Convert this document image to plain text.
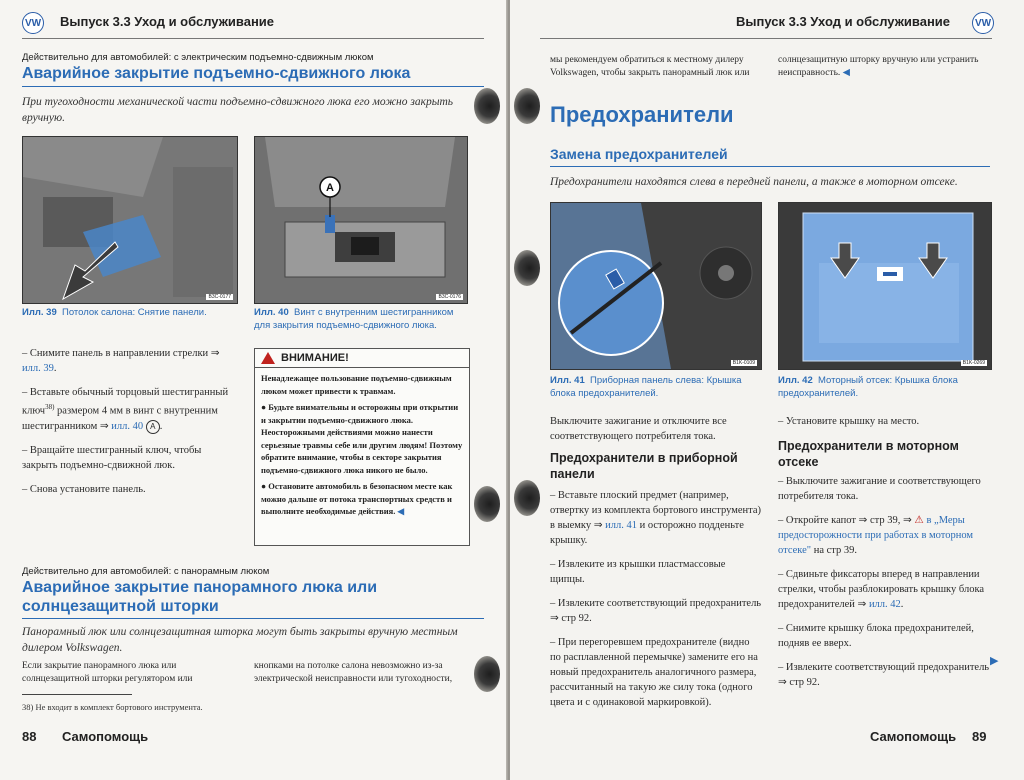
VW Выпуск 3.3 Уход и обслуживание
Действительно для автомобилей: с электрическим подъемно-сдвижным люком
Аварийное закрытие подъемно-сдвижного люка
При тугоходности механической части подъемно-сдвижного люка его можно закрыть вручную.
B3C-0177
Илл. 39 Потолок салона: Снятие панели.
A
B3C-0176
Илл. 40 Винт с внутренним шестигранником для закрытия подъемно-сдвижного люка.

– Снимите панель в направлении стрелки ⇒ илл. 39.

– Вставьте обычный торцовый шестигранный ключ$^{38)}$ размером 4 мм в винт с внутренним шестигранником ⇒ илл. 40 A .

– Вращайте шестигранный ключ, чтобы закрыть подъемно-сдвижной люк.

– Снова установите панель.

ВНИМАНИЕ!

Ненадлежащее пользование подъемно-сдвижным люком может привести к травмам.

● Будьте внимательны и осторожны при открытии и закрытии подъемно-сдвижного люка. Неосторожными действиями можно нанести серьезные травмы себе или другим людям! Поэтому обратите внимание, чтобы в секторе закрытия подъемно-сдвижного люка никого не было.

● Остановите автомобиль в безопасном месте как можно дальше от потока транспортных средств и выполните необходимые действия. ◀

Действительно для автомобилей: с панорамным люком
Аварийное закрытие панорамного люка или солнцезащитной шторки
Панорамный люк или солнцезащитная шторка могут быть закрыты вручную местным дилером Volkswagen.
Если закрытие панорамного люка или солнцезащитной шторки регулятором или
кнопками на потолке салона невозможно из-за электрической неисправности или тугоходности,
38) Не входит в комплект бортового инструмента.
88 Самопомощь
Выпуск 3.3 Уход и обслуживание VW
мы рекомендуем обратиться к местному дилеру Volkswagen, чтобы закрыть панорамный люк или
солнцезащитную шторку вручную или устранить неисправность. ◀
Предохранители
Замена предохранителей
Предохранители находятся слева в передней панели, а также в моторном отсеке.
B1K-0109
Илл. 41 Приборная панель слева: Крышка блока предохранителей.
B1K-0269
Илл. 42 Моторный отсек: Крышка блока предохранителей.
Выключите зажигание и отключите все соответствующего потребителя тока.
Предохранители в приборной панели

– Вставьте плоский предмет (например, отвертку из комплекта бортового инструмента) в выемку ⇒ илл. 41 и осторожно подденьте крышку.

– Извлеките из крышки пластмассовые щипцы.

– Извлеките соответствующий предохранитель ⇒ стр 92.

– При перегоревшем предохранителе (видно по расплавленной перемычке) замените его на новый предохранитель аналогичного размера, рассчитанный на такую же силу тока (одного цвета и с одинаковой маркировкой).

– Установите крышку на место.
Предохранители в моторном отсеке

– Выключите зажигание и соответствующего потребителя тока.

– Откройте капот ⇒ стр 39, ⇒ ⚠ в „Меры предосторожности при работах в моторном отсеке" на стр 39.

– Сдвиньте фиксаторы вперед в направлении стрелки, чтобы разблокировать крышку блока предохранителей ⇒ илл. 42.

– Снимите крышку блока предохранителей, подняв ее вверх.

– Извлеките соответствующий предохранитель ⇒ стр 92.

▶
Самопомощь 89
